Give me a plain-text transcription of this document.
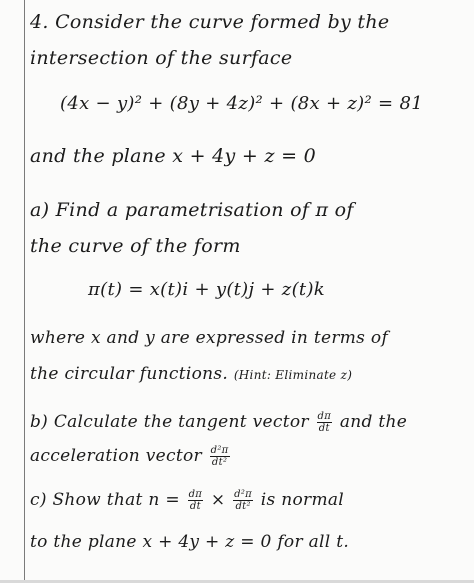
4. Consider the curve formed by the
intersection of the surface
(4x − y)² + (8y + 4z)² + (8x + z)² = 81
and the plane x + 4y + z = 0
a) Find a parametrisation of π of
the curve of the form
π(t) = x(t)i + y(t)j + z(t)k
where x and y are expressed in terms of
the circular functions. (Hint: Eliminate z)
b) Calculate the tangent vector $\frac{d\pi}{dt}$ and the
acceleration vector $\frac{\text{d²π}}{\text{dt²}}$
c) Show that $n = \frac{d\pi}{dt} \times \frac{\text{d²π}}{\text{dt²}}$ is normal
to the plane x + 4y + z = 0 for all t.
